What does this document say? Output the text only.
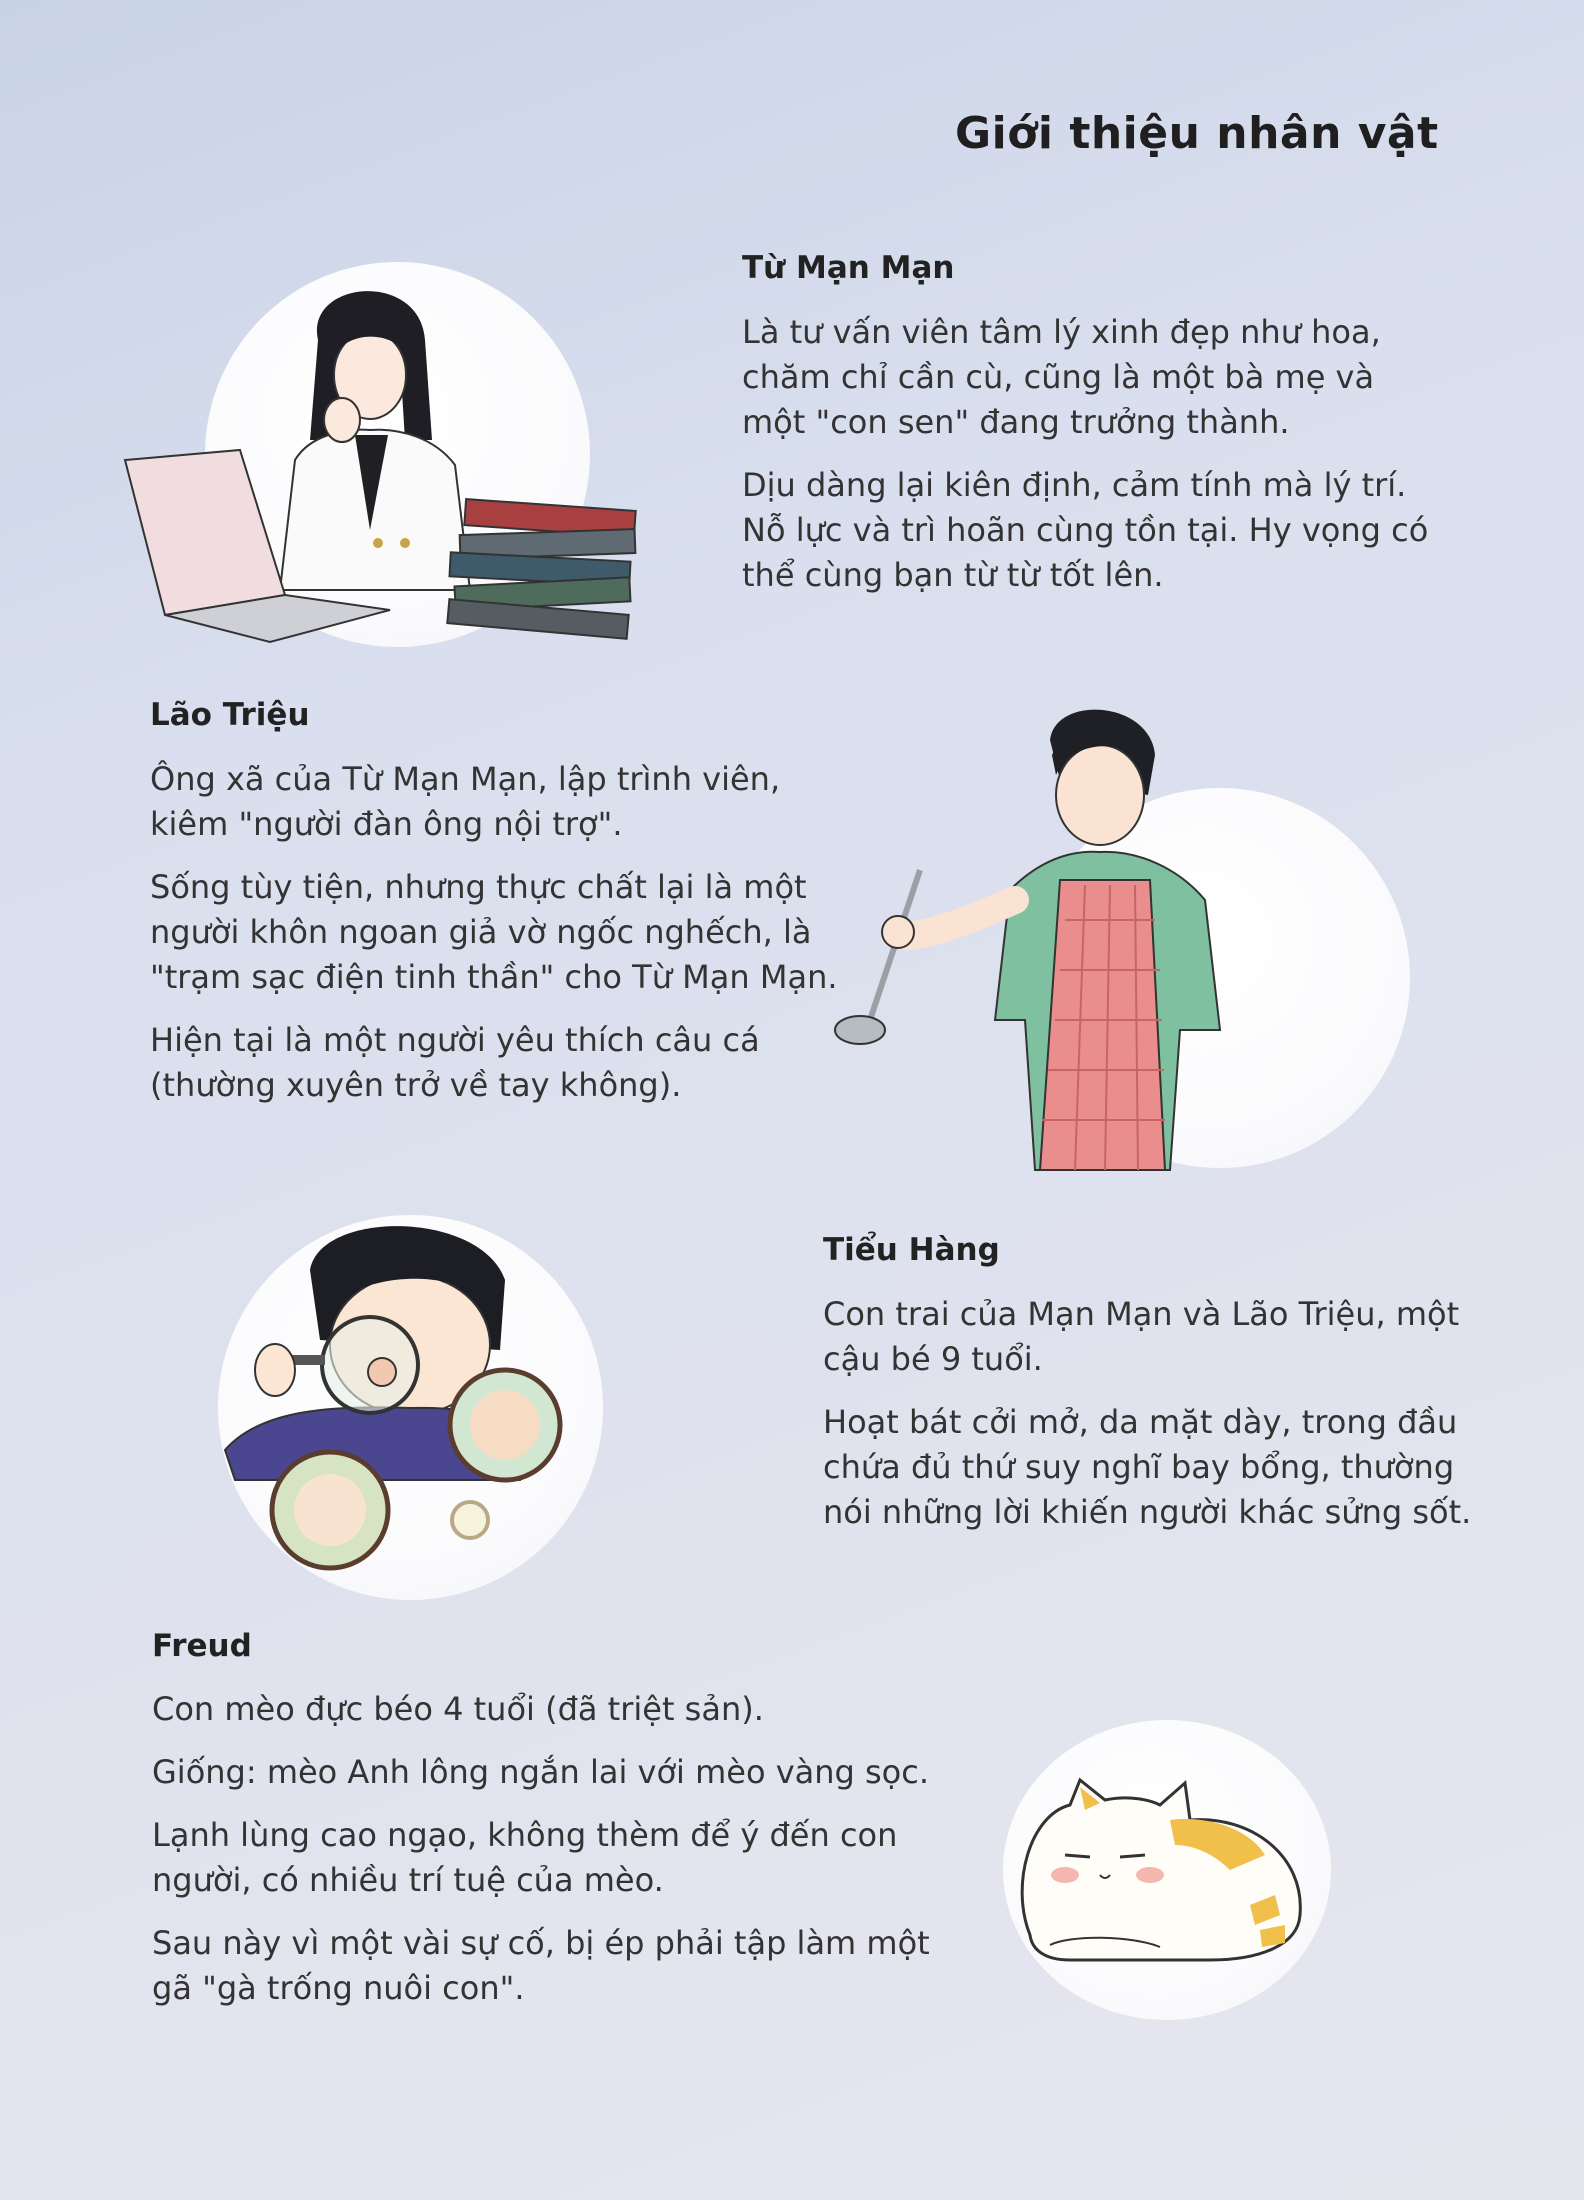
Giới thiệu nhân vật
Từ Mạn Mạn

Là tư vấn viên tâm lý xinh đẹp như hoa, chăm chỉ cần cù, cũng là một bà mẹ và một "con sen" đang trưởng thành.

Dịu dàng lại kiên định, cảm tính mà lý trí. Nỗ lực và trì hoãn cùng tồn tại. Hy vọng có thể cùng bạn từ từ tốt lên.

Lão Triệu

Ông xã của Từ Mạn Mạn, lập trình viên, kiêm "người đàn ông nội trợ".

Sống tùy tiện, nhưng thực chất lại là một người khôn ngoan giả vờ ngốc nghếch, là "trạm sạc điện tinh thần" cho Từ Mạn Mạn.

Hiện tại là một người yêu thích câu cá (thường xuyên trở về tay không).

Tiểu Hàng

Con trai của Mạn Mạn và Lão Triệu, một cậu bé 9 tuổi.

Hoạt bát cởi mở, da mặt dày, trong đầu chứa đủ thứ suy nghĩ bay bổng, thường nói những lời khiến người khác sửng sốt.

Freud

Con mèo đực béo 4 tuổi (đã triệt sản).

Giống: mèo Anh lông ngắn lai với mèo vàng sọc.

Lạnh lùng cao ngạo, không thèm để ý đến con người, có nhiều trí tuệ của mèo.

Sau này vì một vài sự cố, bị ép phải tập làm một gã "gà trống nuôi con".
